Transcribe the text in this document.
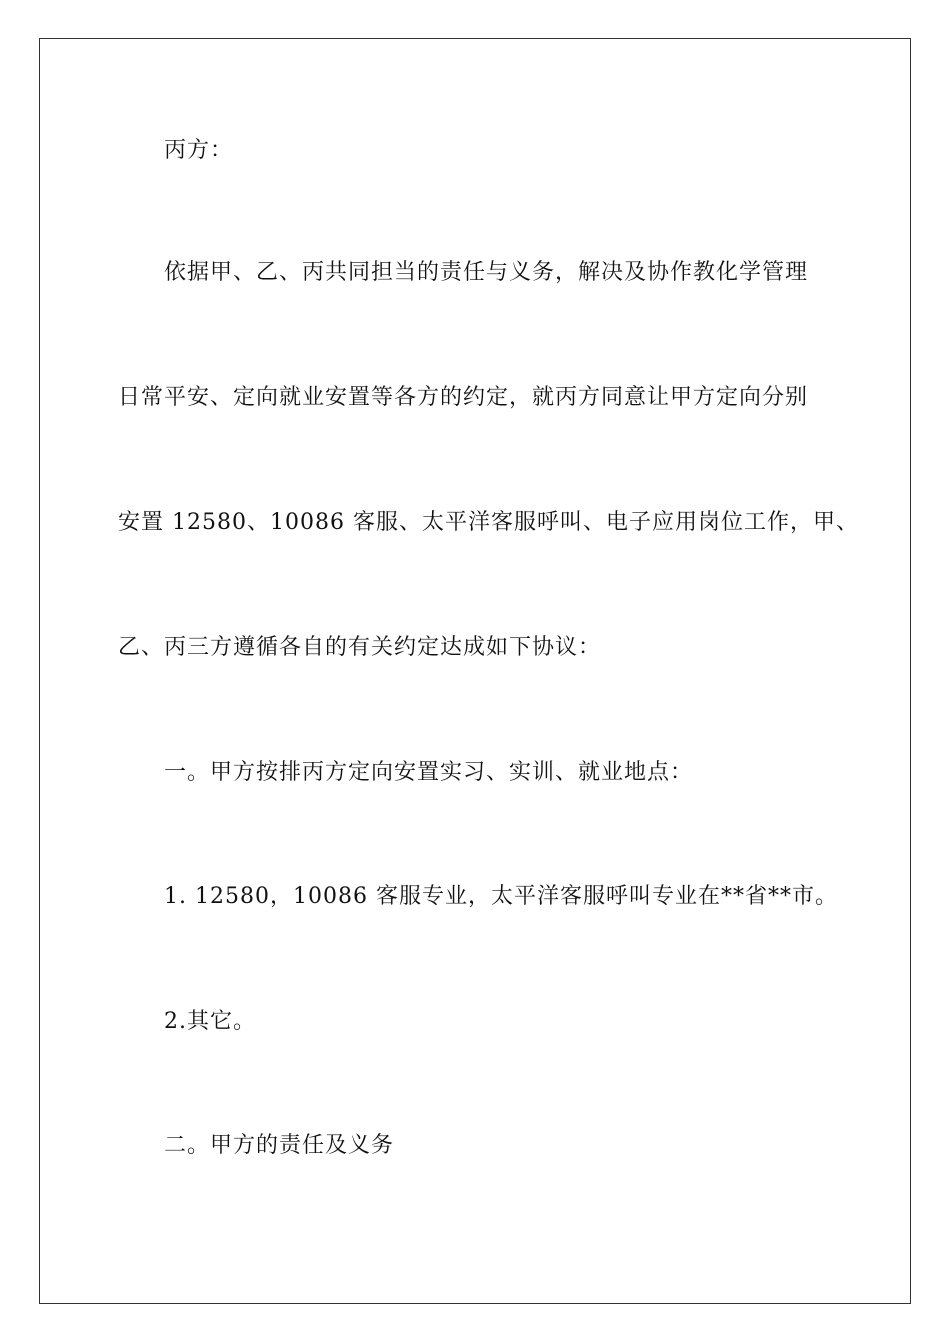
丙方：
依据甲、乙、丙共同担当的责任与义务，解决及协作教化学管理
日常平安、定向就业安置等各方的约定，就丙方同意让甲方定向分别
安置 12580、10086 客服、太平洋客服呼叫、电子应用岗位工作，甲、
乙、丙三方遵循各自的有关约定达成如下协议：
一。甲方按排丙方定向安置实习、实训、就业地点：
1. 12580，10086 客服专业，太平洋客服呼叫专业在**省**市。
2.其它。
二。甲方的责任及义务
